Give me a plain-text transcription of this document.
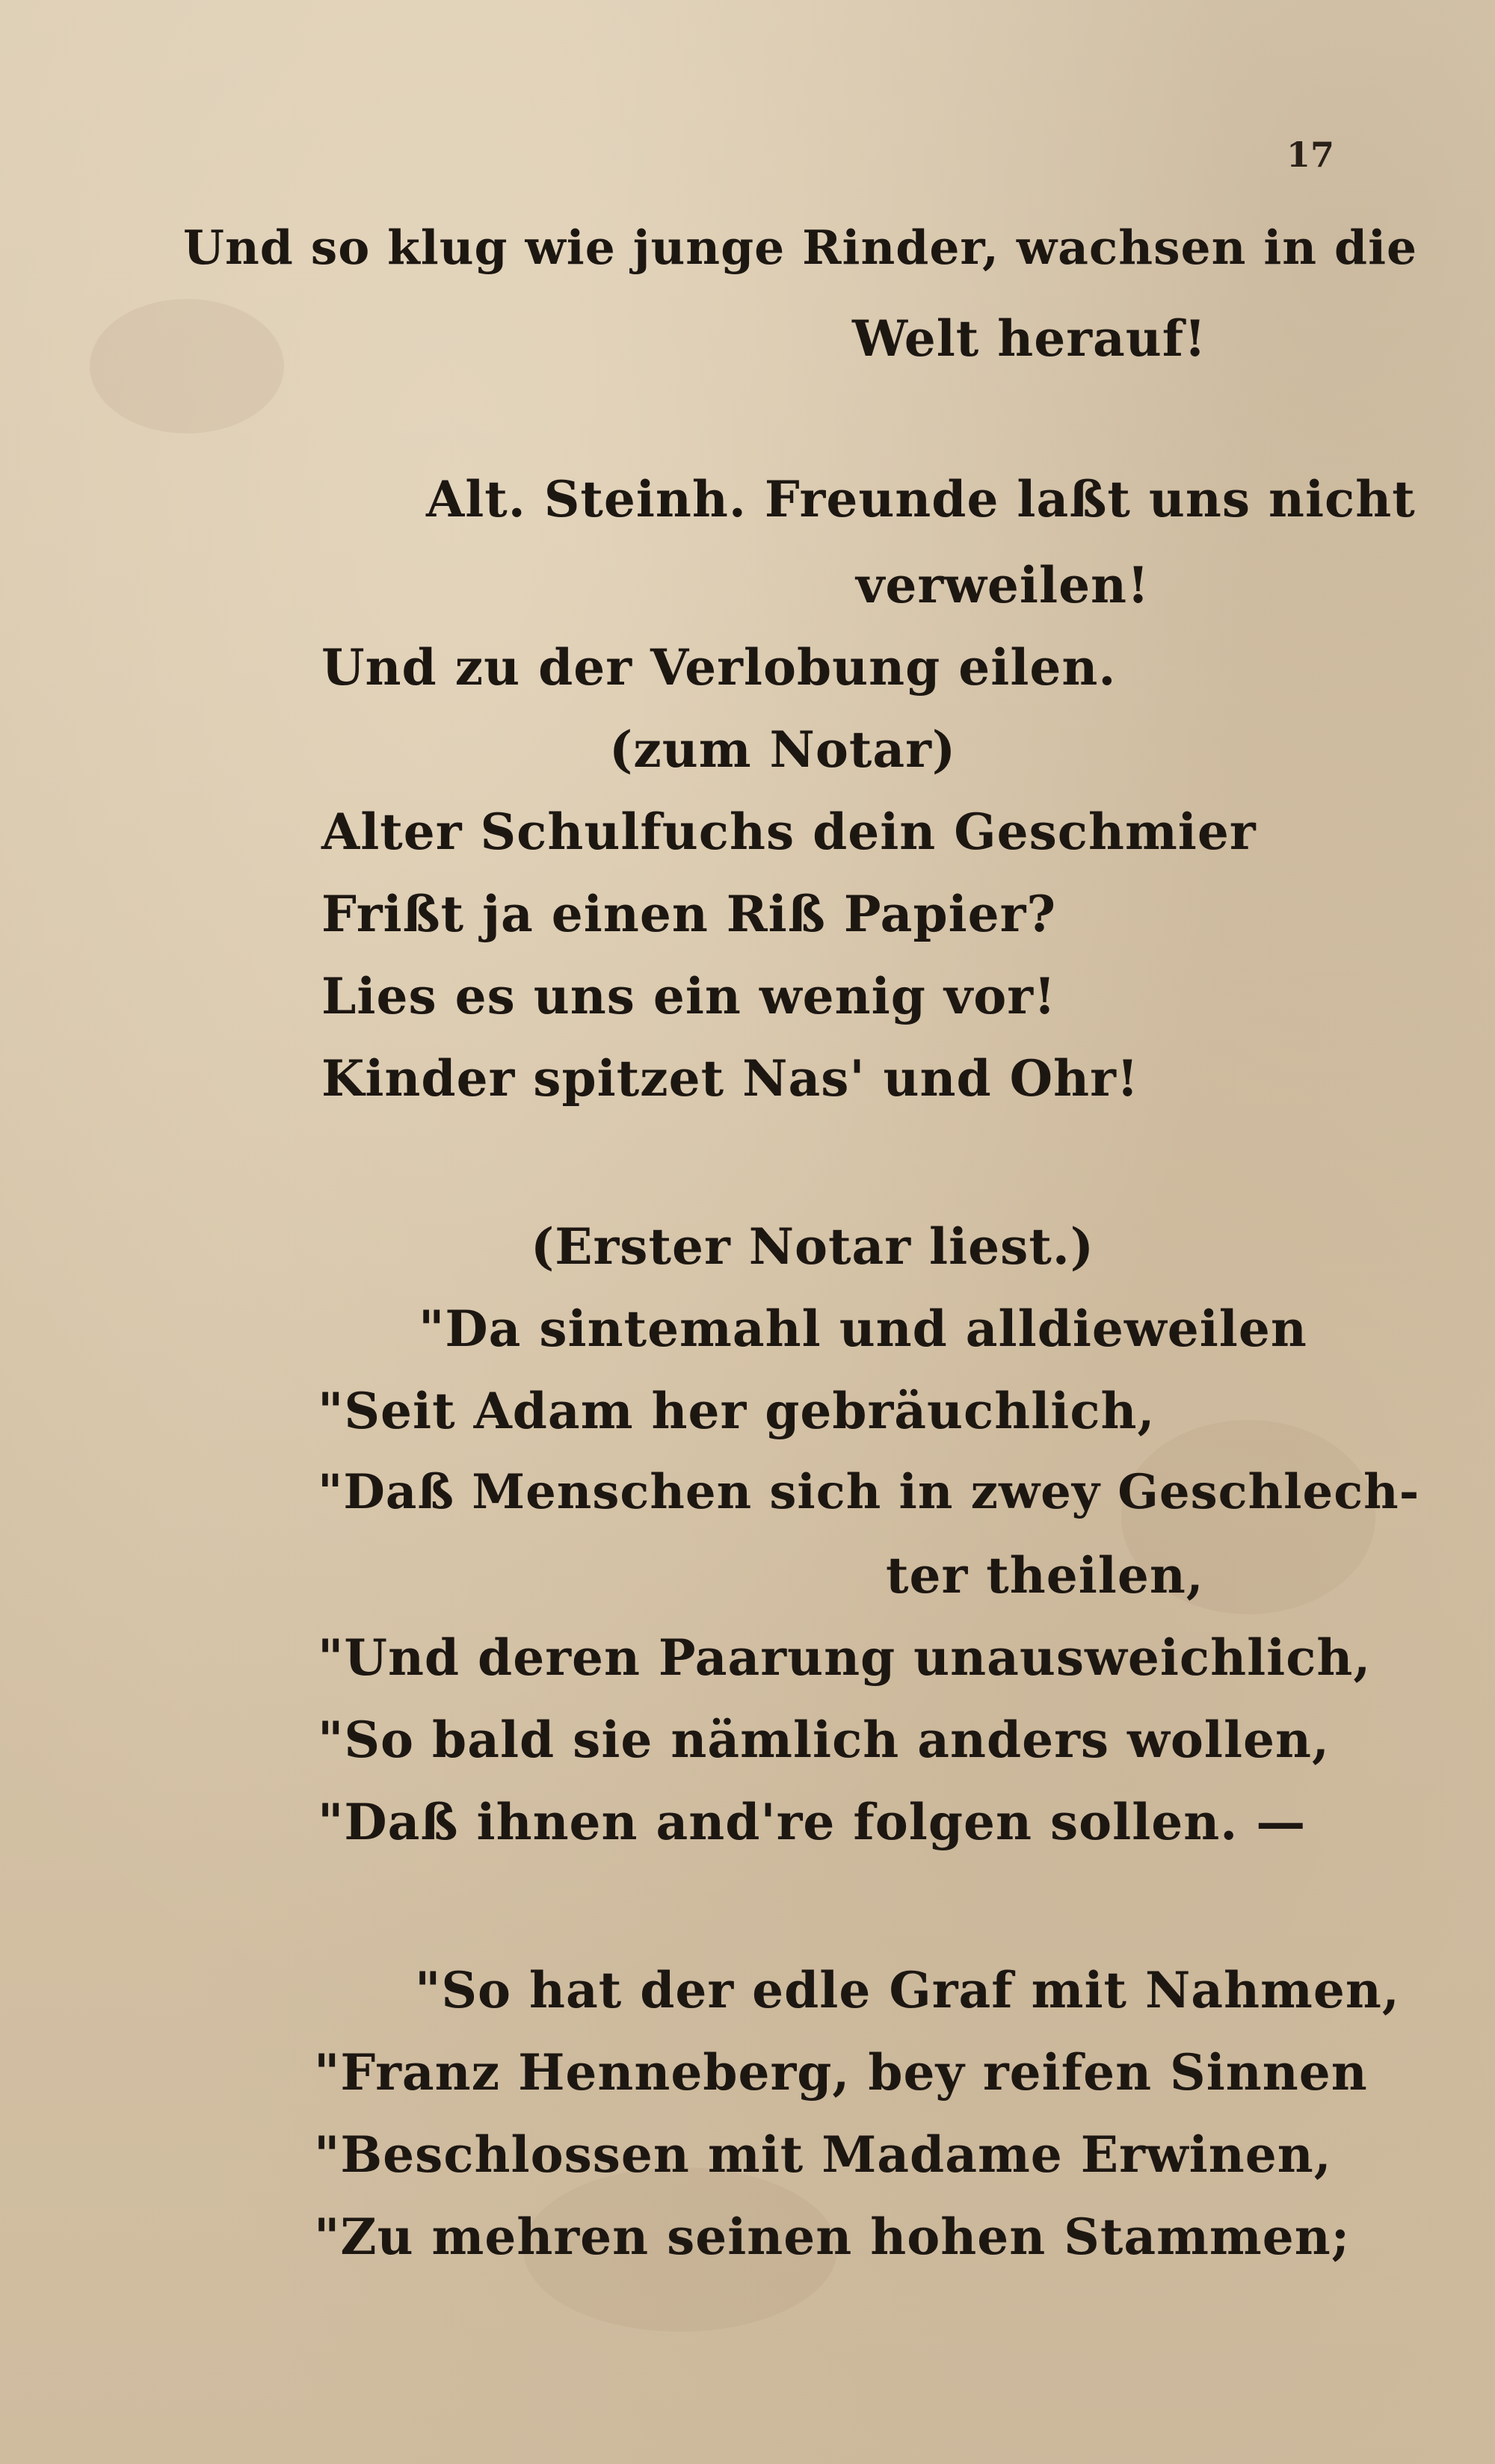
17
Und so klug wie junge Rinder, wachsen in die
Welt herauf!
Alt. Steinh. Freunde laßt uns nicht
verweilen!
Und zu der Verlobung eilen.
(zum Notar)
Alter Schulfuchs dein Geschmier
Frißt ja einen Riß Papier?
Lies es uns ein wenig vor!
Kinder spitzet Nas' und Ohr!
(Erster Notar liest.)
"Da sintemahl und alldieweilen
"Seit Adam her gebräuchlich,
"Daß Menschen sich in zwey Geschlech-
ter theilen,
"Und deren Paarung unausweichlich,
"So bald sie nämlich anders wollen,
"Daß ihnen and're folgen sollen. —
"So hat der edle Graf mit Nahmen,
"Franz Henneberg, bey reifen Sinnen
"Beschlossen mit Madame Erwinen,
"Zu mehren seinen hohen Stammen;
